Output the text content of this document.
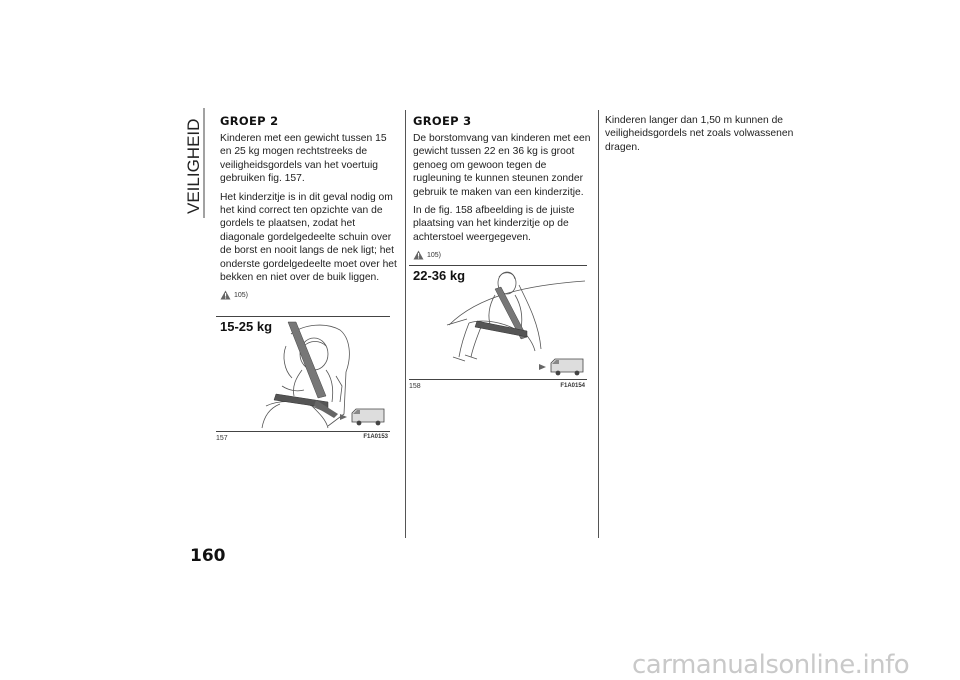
VEILIGHEID GROEP 2

Kinderen met een gewicht tussen 15 en 25 kg mogen rechtstreeks de veiligheidsgordels van het voertuig gebruiken fig. 157.

Het kinderzitje is in dit geval nodig om het kind correct ten opzichte van de gordels te plaatsen, zodat het diagonale gordelgedeelte schuin over de borst en nooit langs de nek ligt; het onderste gordelgedeelte moet over het bekken en niet over de buik liggen.

105)
15-25 kg
F1A0153
157
GROEP 3

De borstomvang van kinderen met een gewicht tussen 22 en 36 kg is groot genoeg om gewoon tegen de rugleuning te kunnen steunen zonder gebruik te maken van een kinderzitje.

In de fig. 158 afbeelding is de juiste plaatsing van het kinderzitje op de achterstoel weergegeven.

105)
22-36 kg
F1A0154
158

Kinderen langer dan 1,50 m kunnen de veiligheidsgordels net zoals volwassenen dragen.

160
carmanualsonline.info
